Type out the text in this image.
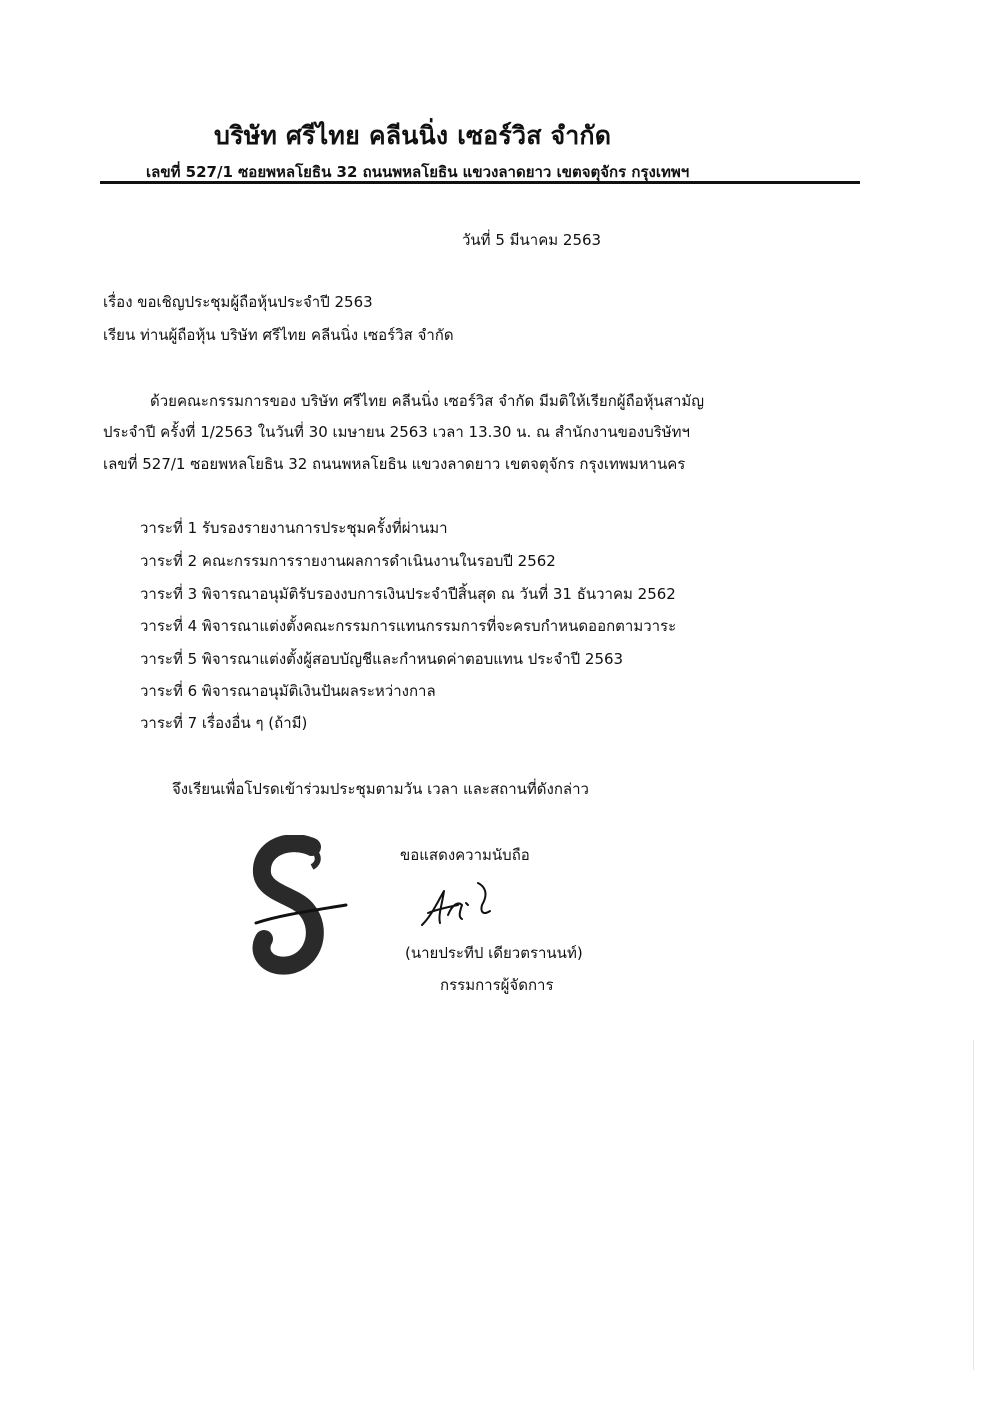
บริษัท ศรีไทย คลีนนิ่ง เซอร์วิส จำกัด
เลขที่ 527/1 ซอยพหลโยธิน 32 ถนนพหลโยธิน แขวงลาดยาว เขตจตุจักร กรุงเทพฯ
วันที่ 5 มีนาคม 2563
เรื่อง ขอเชิญประชุมผู้ถือหุ้นประจำปี 2563
เรียน ท่านผู้ถือหุ้น บริษัท ศรีไทย คลีนนิ่ง เซอร์วิส จำกัด
ด้วยคณะกรรมการของ บริษัท ศรีไทย คลีนนิ่ง เซอร์วิส จำกัด มีมติให้เรียกผู้ถือหุ้นสามัญ
ประจำปี ครั้งที่ 1/2563 ในวันที่ 30 เมษายน 2563 เวลา 13.30 น. ณ สำนักงานของบริษัทฯ
เลขที่ 527/1 ซอยพหลโยธิน 32 ถนนพหลโยธิน แขวงลาดยาว เขตจตุจักร กรุงเทพมหานคร
วาระที่ 1 รับรองรายงานการประชุมครั้งที่ผ่านมา
วาระที่ 2 คณะกรรมการรายงานผลการดำเนินงานในรอบปี 2562
วาระที่ 3 พิจารณาอนุมัติรับรองงบการเงินประจำปีสิ้นสุด ณ วันที่ 31 ธันวาคม 2562
วาระที่ 4 พิจารณาแต่งตั้งคณะกรรมการแทนกรรมการที่จะครบกำหนดออกตามวาระ
วาระที่ 5 พิจารณาแต่งตั้งผู้สอบบัญชีและกำหนดค่าตอบแทน ประจำปี 2563
วาระที่ 6 พิจารณาอนุมัติเงินปันผลระหว่างกาล
วาระที่ 7 เรื่องอื่น ๆ (ถ้ามี)
จึงเรียนเพื่อโปรดเข้าร่วมประชุมตามวัน เวลา และสถานที่ดังกล่าว
ขอแสดงความนับถือ
(นายประทีป เดียวตรานนท์)
กรรมการผู้จัดการ
